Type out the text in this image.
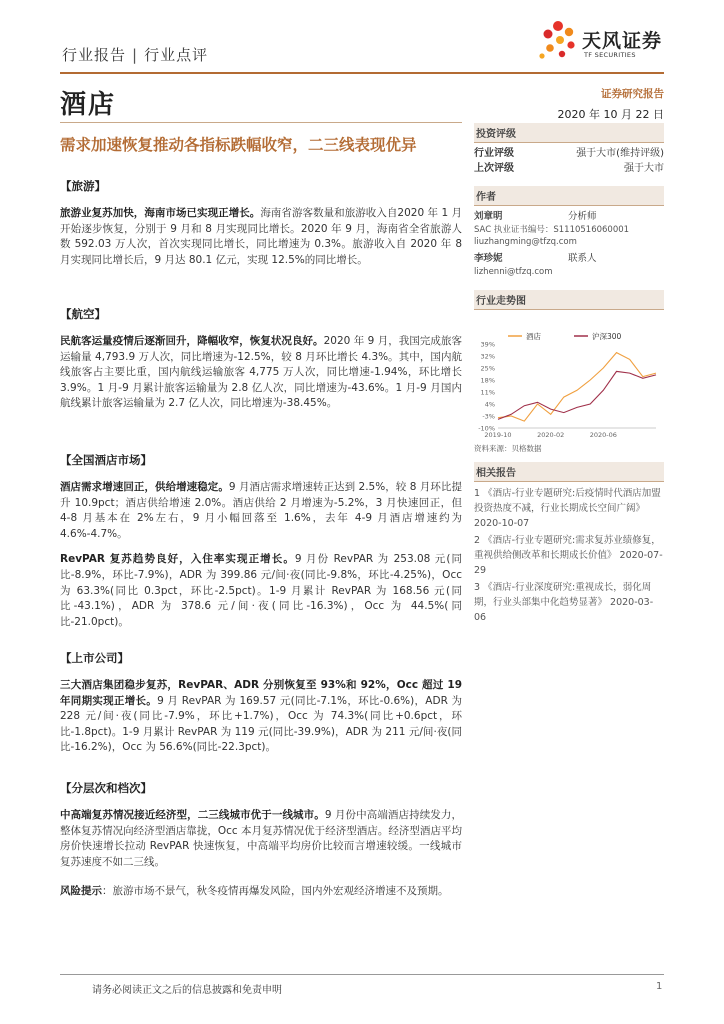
行业报告 | 行业点评
天风证券
TF SECURITIES
酒店
需求加速恢复推动各指标跌幅收窄，二三线表现优异
【旅游】
旅游业复苏加快，海南市场已实现正增长。海南省游客数量和旅游收入自2020 年 1 月开始逐步恢复，分别于 9 月和 8 月实现同比增长。2020 年 9 月，海南省全省旅游人数 592.03 万人次，首次实现同比增长，同比增速为 0.3%。旅游收入自 2020 年 8 月实现同比增长后，9 月达 80.1 亿元，实现 12.5%的同比增长。
【航空】
民航客运量疫情后逐渐回升，降幅收窄，恢复状况良好。2020 年 9 月，我国完成旅客运输量 4,793.9 万人次，同比增速为-12.5%，较 8 月环比增长 4.3%。其中，国内航线旅客占主要比重，国内航线运输旅客 4,775 万人次，同比增速-1.94%，环比增长 3.9%。1 月-9 月累计旅客运输量为 2.8 亿人次，同比增速为-43.6%。1 月-9 月国内航线累计旅客运输量为 2.7 亿人次，同比增速为-38.45%。
【全国酒店市场】
酒店需求增速回正，供给增速稳定。9 月酒店需求增速转正达到 2.5%，较 8 月环比提升 10.9pct；酒店供给增速 2.0%。酒店供给 2 月增速为-5.2%，3 月快速回正，但 4-8 月基本在 2%左右，9 月小幅回落至 1.6%，去年 4-9 月酒店增速约为 4.6%-4.7%。
RevPAR 复苏趋势良好，入住率实现正增长。9 月份 RevPAR 为 253.08 元(同比-8.9%，环比-7.9%)，ADR 为 399.86 元/间·夜(同比-9.8%，环比-4.25%)，Occ 为 63.3%(同比 0.3pct，环比-2.5pct)。1-9 月累计 RevPAR 为 168.56 元(同比-43.1%)，ADR 为 378.6 元/间·夜(同比-16.3%)，Occ 为 44.5%(同比-21.0pct)。
【上市公司】
三大酒店集团稳步复苏，RevPAR、ADR 分别恢复至 93%和 92%，Occ 超过 19 年同期实现正增长。9 月 RevPAR 为 169.57 元(同比-7.1%，环比-0.6%)，ADR 为 228 元/间·夜(同比-7.9%，环比+1.7%)，Occ 为 74.3%(同比+0.6pct，环比-1.8pct)。1-9 月累计 RevPAR 为 119 元(同比-39.9%)，ADR 为 211 元/间·夜(同比-16.2%)，Occ 为 56.6%(同比-22.3pct)。
【分层次和档次】
中高端复苏情况接近经济型，二三线城市优于一线城市。9 月份中高端酒店持续发力，整体复苏情况向经济型酒店靠拢，Occ 本月复苏情况优于经济型酒店。经济型酒店平均房价快速增长拉动 RevPAR 快速恢复，中高端平均房价比较而言增速较缓。一线城市复苏速度不如二三线。
风险提示：旅游市场不景气，秋冬疫情再爆发风险，国内外宏观经济增速不及预期。
证券研究报告
2020 年 10 月 22 日
投资评级
行业评级	强于大市(维持评级)
上次评级	强于大市
作者
刘章明	分析师
SAC 执业证书编号：S1110516060001
liuzhangming@tfzq.com
李珍妮	联系人
lizhenni@tfzq.com
行业走势图
酒店	沪深300
39%
32%
25%
18%
11%
4%
-3%
-10%
2019-10	2020-02	2020-06
资料来源：贝格数据
相关报告
1 《酒店-行业专题研究:后疫情时代酒店加盟投资热度不减，行业长期成长空间广阔》 2020-10-07
2 《酒店-行业专题研究:需求复苏业绩修复，重视供给侧改革和长期成长价值》 2020-07-29
3 《酒店-行业深度研究:重视成长，弱化周期，行业头部集中化趋势显著》 2020-03-06
请务必阅读正文之后的信息披露和免责申明	1
